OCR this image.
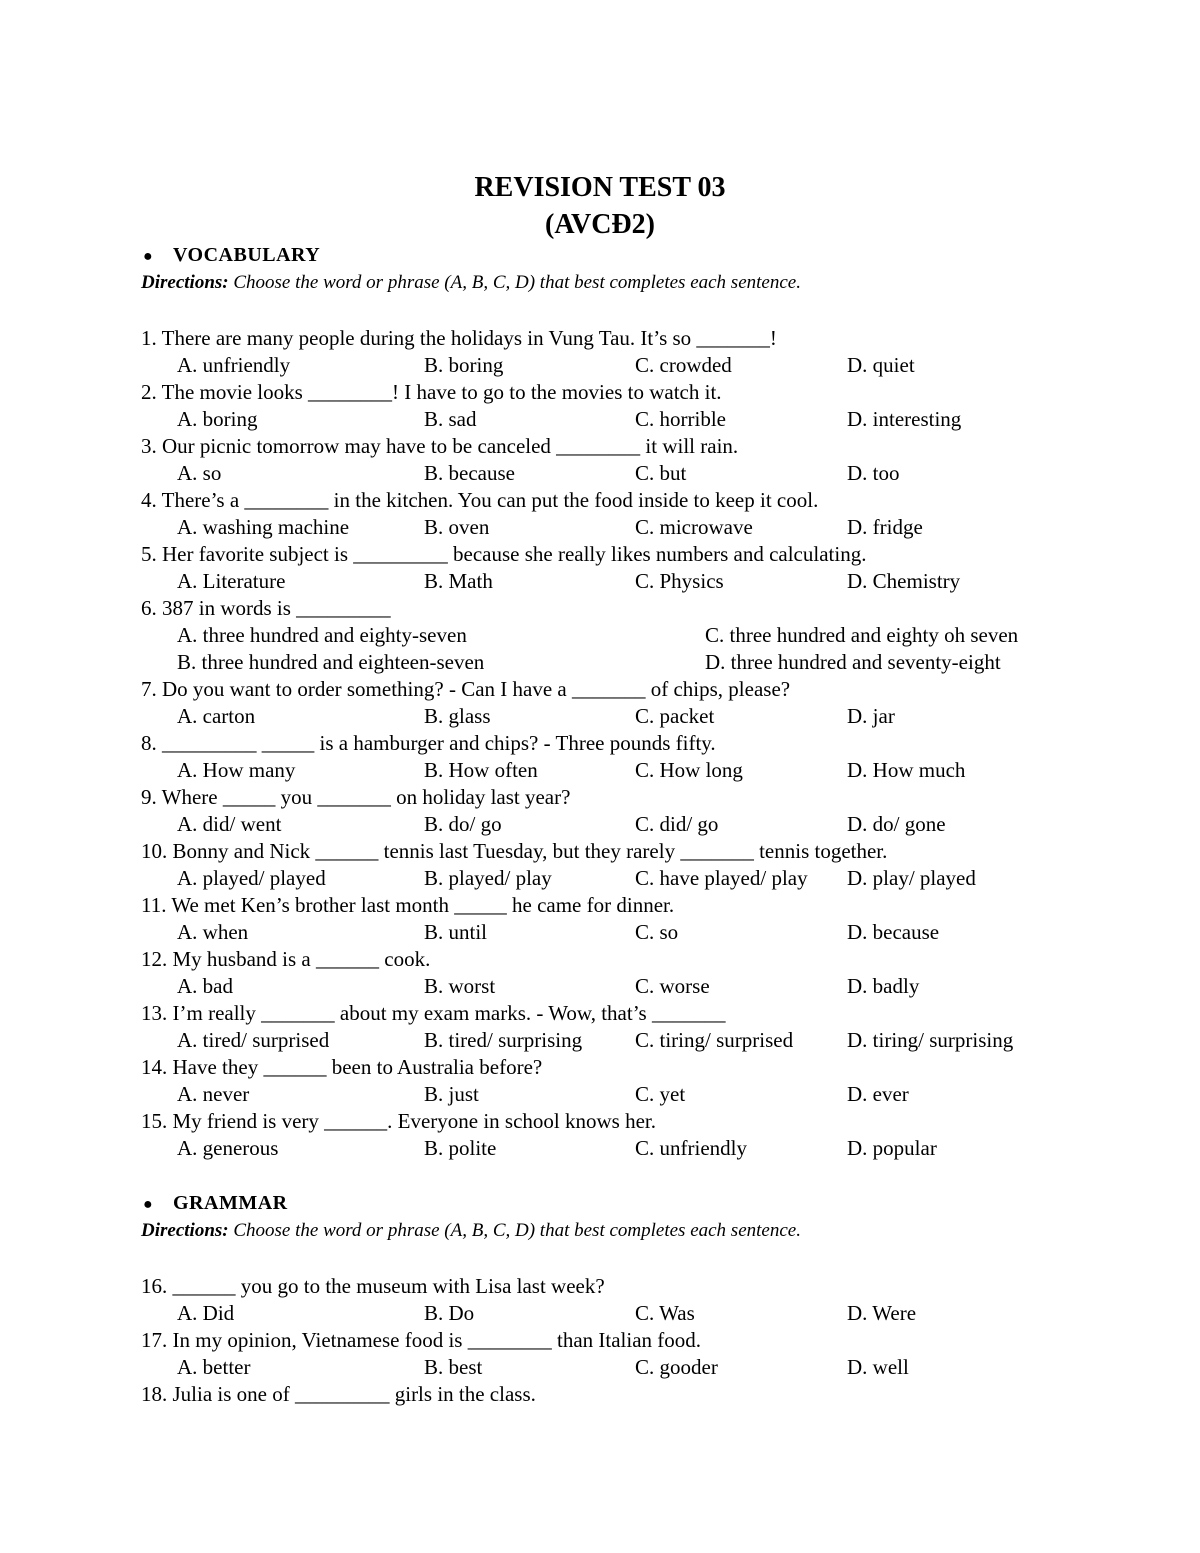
REVISION TEST 03
(AVCĐ2)
● VOCABULARY
Directions: Choose the word or phrase (A, B, C, D) that best completes each sentence.
1. There are many people during the holidays in Vung Tau. It’s so _______!
A. unfriendly	B. boring	C. crowded	D. quiet
2. The movie looks ________! I have to go to the movies to watch it.
A. boring	B. sad	C. horrible	D. interesting
3. Our picnic tomorrow may have to be canceled ________ it will rain.
A. so	B. because	C. but	D. too
4. There’s a ________ in the kitchen. You can put the food inside to keep it cool.
A. washing machine	B. oven	C. microwave	D. fridge
5. Her favorite subject is _________ because she really likes numbers and calculating.
A. Literature	B. Math	C. Physics	D. Chemistry
6. 387 in words is _________
A. three hundred and eighty-seven	C. three hundred and eighty oh seven
B. three hundred and eighteen-seven	D. three hundred and seventy-eight
7. Do you want to order something? - Can I have a _______ of chips, please?
A. carton	B. glass	C. packet	D. jar
8. _________ _____ is a hamburger and chips? - Three pounds fifty.
A. How many	B. How often	C. How long	D. How much
9. Where _____ you _______ on holiday last year?
A. did/ went	B. do/ go	C. did/ go	D. do/ gone
10. Bonny and Nick ______ tennis last Tuesday, but they rarely _______ tennis together.
A. played/ played	B. played/ play	C. have played/ play D. play/ played
11. We met Ken’s brother last month _____ he came for dinner.
A. when	B. until	C. so	D. because
12. My husband is a ______ cook.
A. bad	B. worst	C. worse	D. badly
13. I’m really _______ about my exam marks. - Wow, that’s _______
A. tired/ surprised	B. tired/ surprising	C. tiring/ surprised	D. tiring/ surprising
14. Have they ______ been to Australia before?
A. never	B. just	C. yet	D. ever
15. My friend is very ______. Everyone in school knows her.
A. generous	B. polite	C. unfriendly	D. popular
● GRAMMAR
Directions: Choose the word or phrase (A, B, C, D) that best completes each sentence.
16. ______ you go to the museum with Lisa last week?
A. Did	B. Do	C. Was	D. Were
17. In my opinion, Vietnamese food is ________ than Italian food.
A. better	B. best	C. gooder	D. well
18. Julia is one of _________ girls in the class.
